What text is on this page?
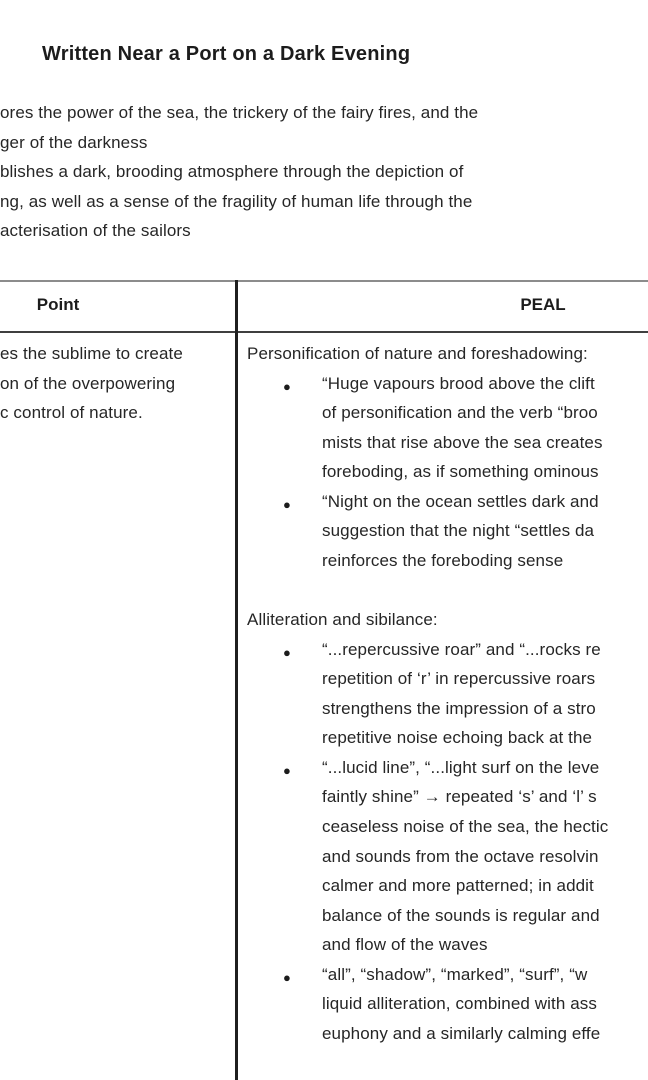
Written Near a Port on a Dark Evening
ores the power of the sea, the trickery of the fairy fires, and the
ger of the darkness
blishes a dark, brooding atmosphere through the depiction of
ng, as well as a sense of the fragility of human life through the
acterisation of the sailors
Point	PEAL
es the sublime to create
on of the overpowering
c control of nature.
Personification of nature and foreshadowing:
● “Huge vapours brood above the clift
of personification and the verb “broo
mists that rise above the sea creates
foreboding, as if something ominous
● “Night on the ocean settles dark and
suggestion that the night “settles da
reinforces the foreboding sense
Alliteration and sibilance:
● “...repercussive roar” and “...rocks re
repetition of ‘r’ in repercussive roars
strengthens the impression of a stro
repetitive noise echoing back at the
● “...lucid line”, “...light surf on the leve
faintly shine” → repeated ‘s’ and ‘l’ s
ceaseless noise of the sea, the hectic
and sounds from the octave resolvin
calmer and more patterned; in addit
balance of the sounds is regular and
and flow of the waves
● “all”, “shadow”, “marked”, “surf”, “w
liquid alliteration, combined with ass
euphony and a similarly calming effe
